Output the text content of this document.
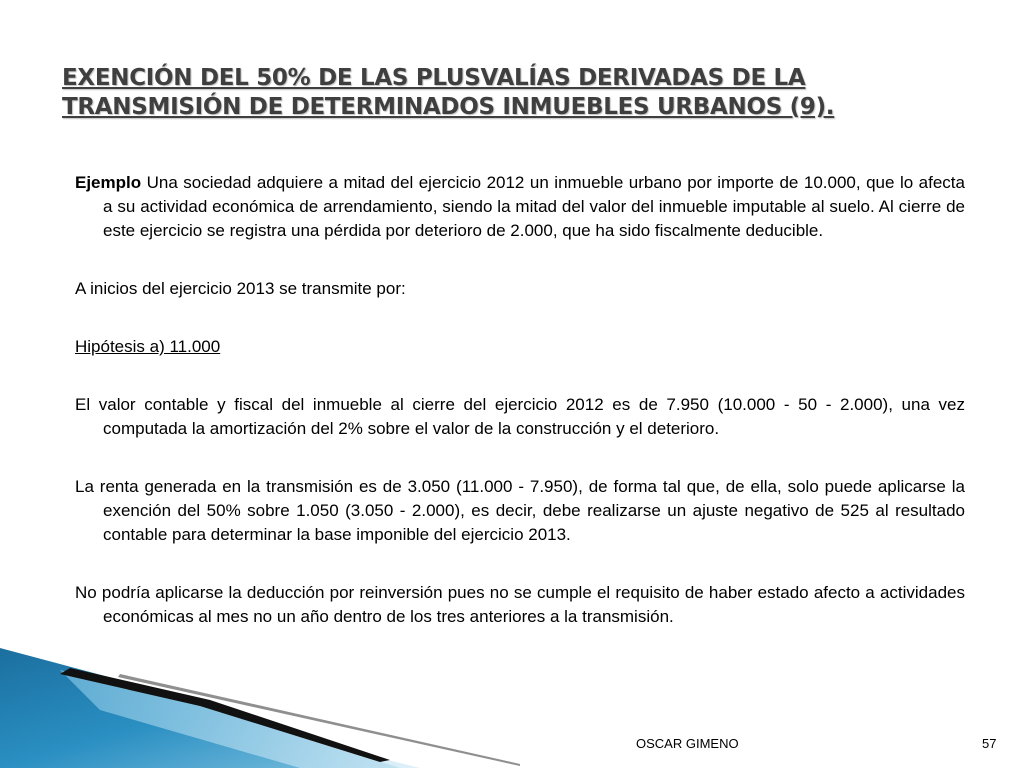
EXENCIÓN DEL 50% DE LAS PLUSVALÍAS DERIVADAS DE LA TRANSMISIÓN DE DETERMINADOS INMUEBLES URBANOS (9).

Ejemplo Una sociedad adquiere a mitad del ejercicio 2012 un inmueble urbano por importe de 10.000, que lo afecta a su actividad económica de arrendamiento, siendo la mitad del valor del inmueble imputable al suelo. Al cierre de este ejercicio se registra una pérdida por deterioro de 2.000, que ha sido fiscalmente deducible.

A inicios del ejercicio 2013 se transmite por:

Hipótesis a) 11.000

El valor contable y fiscal del inmueble al cierre del ejercicio 2012 es de 7.950 (10.000 - 50 - 2.000), una vez computada la amortización del 2% sobre el valor de la construcción y el deterioro.

La renta generada en la transmisión es de 3.050 (11.000 - 7.950), de forma tal que, de ella, solo puede aplicarse la exención del 50% sobre 1.050 (3.050 - 2.000), es decir, debe realizarse un ajuste negativo de 525 al resultado contable para determinar la base imponible del ejercicio 2013.

No podría aplicarse la deducción por reinversión pues no se cumple el requisito de haber estado afecto a actividades económicas al mes no un año dentro de los tres anteriores a la transmisión.

OSCAR GIMENO	57
